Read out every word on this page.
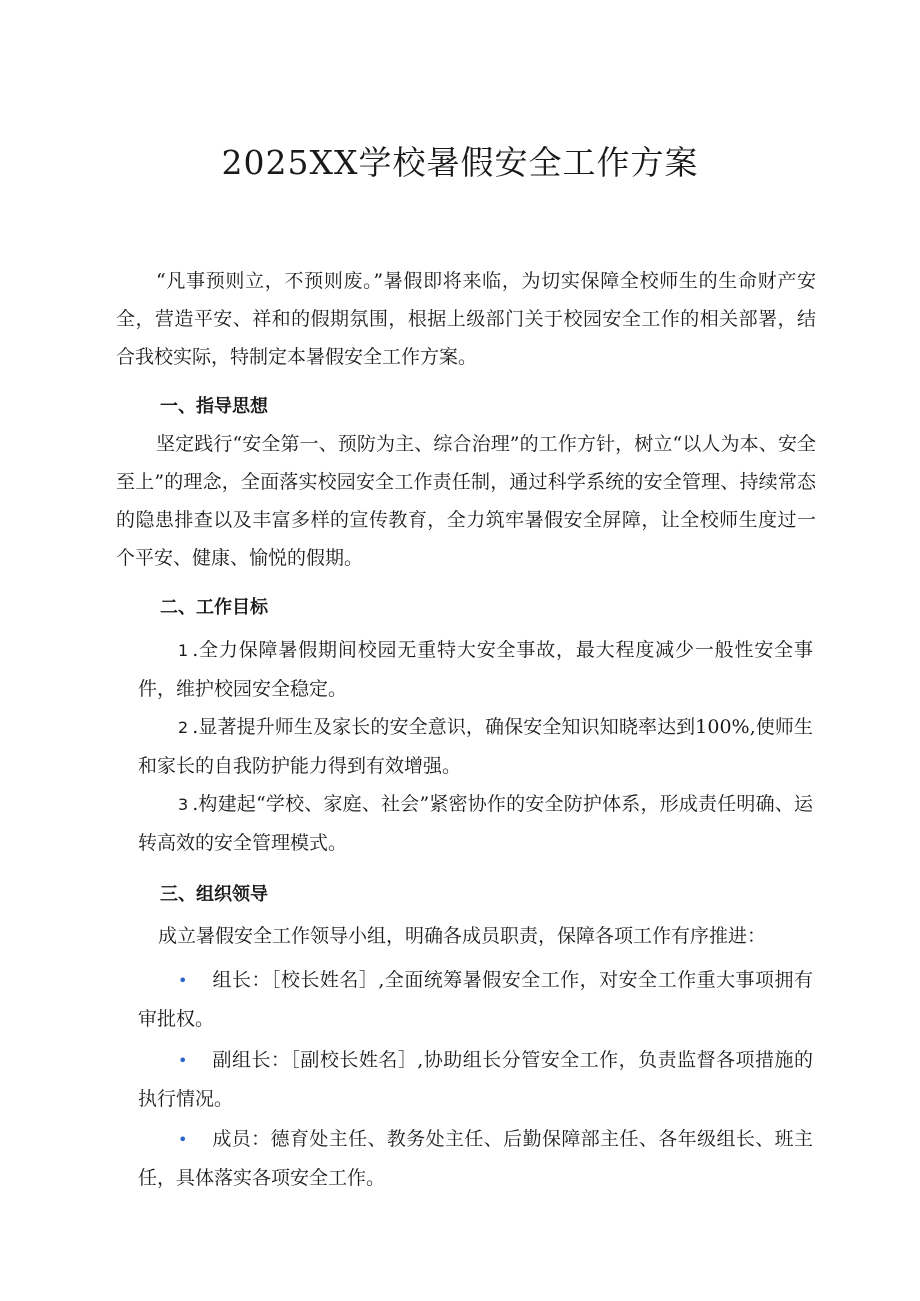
2025XX学校暑假安全工作方案

“凡事预则立，不预则废。”暑假即将来临，为切实保障全校师生的生命财产安全，营造平安、祥和的假期氛围，根据上级部门关于校园安全工作的相关部署，结合我校实际，特制定本暑假安全工作方案。

一、指导思想

坚定践行“安全第一、预防为主、综合治理”的工作方针，树立“以人为本、安全至上”的理念，全面落实校园安全工作责任制，通过科学系统的安全管理、持续常态的隐患排查以及丰富多样的宣传教育，全力筑牢暑假安全屏障，让全校师生度过一个平安、健康、愉悦的假期。

二、工作目标

1 .全力保障暑假期间校园无重特大安全事故，最大程度减少一般性安全事件，维护校园安全稳定。

2 .显著提升师生及家长的安全意识，确保安全知识知晓率达到100%,使师生和家长的自我防护能力得到有效增强。

3 .构建起“学校、家庭、社会”紧密协作的安全防护体系，形成责任明确、运转高效的安全管理模式。

三、组织领导

成立暑假安全工作领导小组，明确各成员职责，保障各项工作有序推进：

• 组长：［校长姓名］,全面统筹暑假安全工作，对安全工作重大事项拥有审批权。

• 副组长：［副校长姓名］,协助组长分管安全工作，负责监督各项措施的执行情况。

• 成员：德育处主任、教务处主任、后勤保障部主任、各年级组长、班主任，具体落实各项安全工作。
